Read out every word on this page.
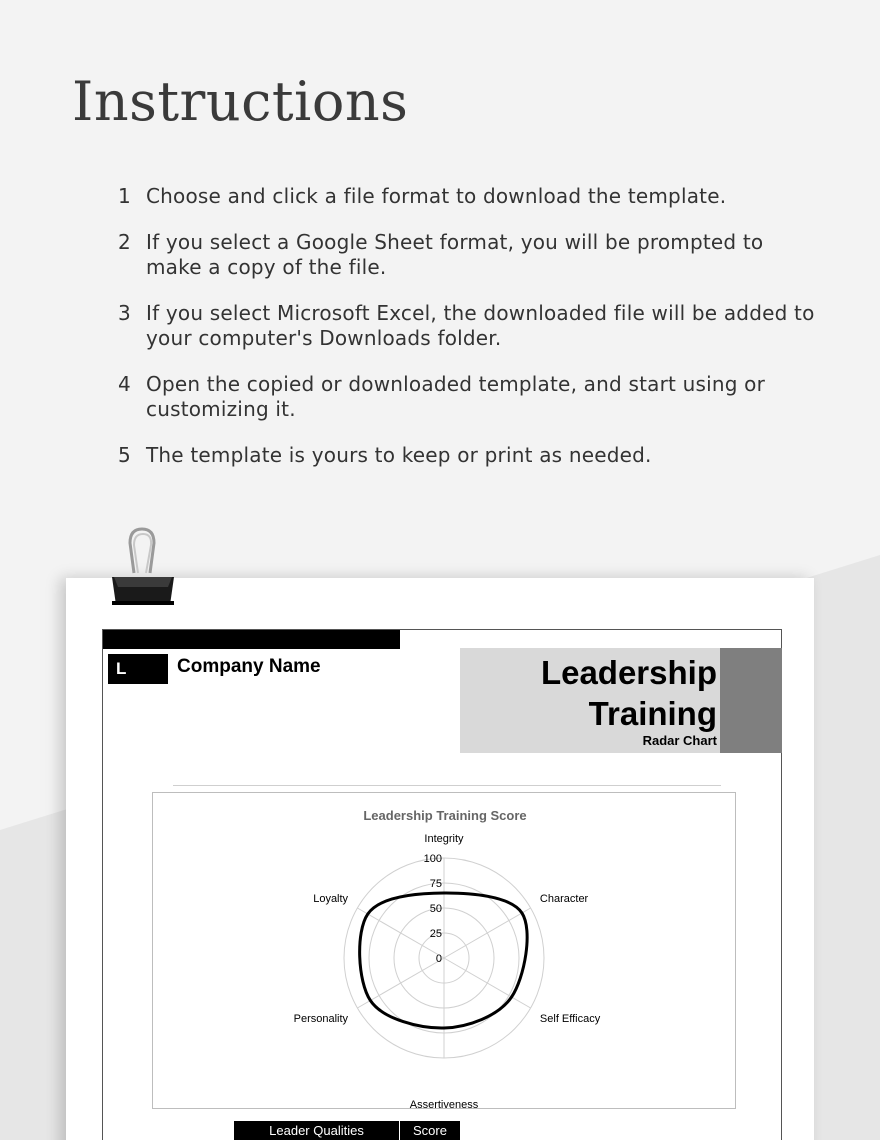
Instructions
1 Choose and click a file format to download the template.
2 If you select a Google Sheet format, you will be prompted to make a copy of the file.
3 If you select Microsoft Excel, the downloaded file will be added to your computer's Downloads folder.
4 Open the copied or downloaded template, and start using or customizing it.
5 The template is yours to keep or print as needed.
L	Company Name	Leadership
Training
Radar Chart
Leadership Training Score
0
25
50
75
100
Integrity
Character
Self Efficacy
Assertiveness
Personality
Loyalty
Leader Qualities	Score
